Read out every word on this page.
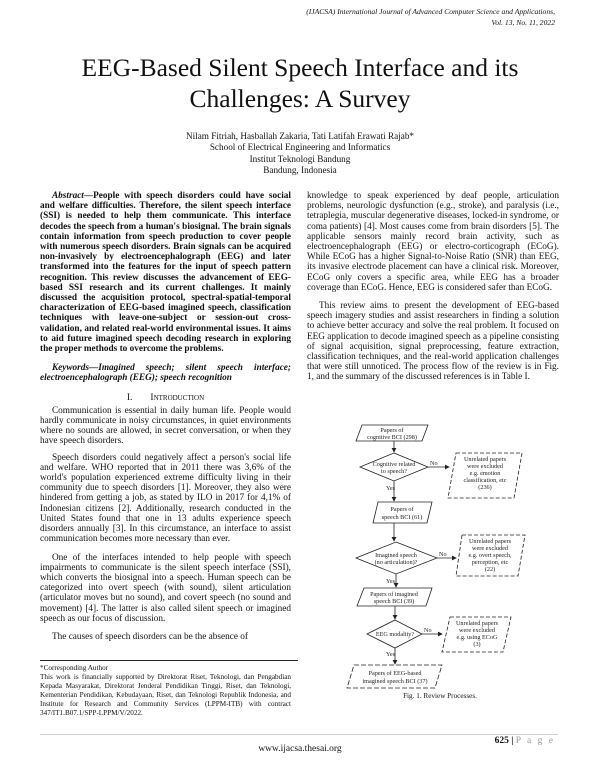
(IJACSA) International Journal of Advanced Computer Science and Applications,
Vol. 13, No. 11, 2022
EEG-Based Silent Speech Interface and its
Challenges: A Survey
Nilam Fitriah, Hasballah Zakaria, Tati Latifah Erawati Rajab*
School of Electrical Engineering and Informatics
Institut Teknologi Bandung
Bandung, Indonesia

Abstract—People with speech disorders could have social and welfare difficulties. Therefore, the silent speech interface (SSI) is needed to help them communicate. This interface decodes the speech from a human's biosignal. The brain signals contain information from speech production to cover people with numerous speech disorders. Brain signals can be acquired non-invasively by electroencephalograph (EEG) and later transformed into the features for the input of speech pattern recognition. This review discusses the advancement of EEG-based SSI research and its current challenges. It mainly discussed the acquisition protocol, spectral-spatial-temporal characterization of EEG-based imagined speech, classification techniques with leave-one-subject or session-out cross-validation, and related real-world environmental issues. It aims to aid future imagined speech decoding research in exploring the proper methods to overcome the problems.

Keywords—Imagined speech; silent speech interface; electroencephalograph (EEG); speech recognition

I. Introduction

Communication is essential in daily human life. People would hardly communicate in noisy circumstances, in quiet environments where no sounds are allowed, in secret conversation, or when they have speech disorders.

Speech disorders could negatively affect a person's social life and welfare. WHO reported that in 2011 there was 3,6% of the world's population experienced extreme difficulty living in their community due to speech disorders [1]. Moreover, they also were hindered from getting a job, as stated by ILO in 2017 for 4,1% of Indonesian citizens [2]. Additionally, research conducted in the United States found that one in 13 adults experience speech disorders annually [3]. In this circumstance, an interface to assist communication becomes more necessary than ever.

One of the interfaces intended to help people with speech impairments to communicate is the silent speech interface (SSI), which converts the biosignal into a speech. Human speech can be categorized into overt speech (with sound), silent articulation (articulator moves but no sound), and covert speech (no sound and movement) [4]. The latter is also called silent speech or imagined speech as our focus of discussion.

The causes of speech disorders can be the absence of

*Corresponding Author
This work is financially supported by Direktorat Riset, Teknologi, dan Pengabdian Kepada Masyarakat, Direktorat Jenderal Pendidikan Tinggi, Riset, dan Teknologi, Kementerian Pendidikan, Kebudayaan, Riset, dan Teknologi Republik Indonesia, and Institute for Research and Community Services (LPPM-ITB) with contract 347/IT1.B07.1/SPP-LPPM/V/2022.

knowledge to speak experienced by deaf people, articulation problems, neurologic dysfunction (e.g., stroke), and paralysis (i.e., tetraplegia, muscular degenerative diseases, locked-in syndrome, or coma patients) [4]. Most causes come from brain disorders [5]. The applicable sensors mainly record brain activity, such as electroencephalograph (EEG) or electro-corticograph (ECoG). While ECoG has a higher Signal-to-Noise Ratio (SNR) than EEG, its invasive electrode placement can have a clinical risk. Moreover, ECoG only covers a specific area, while EEG has a broader coverage than ECoG. Hence, EEG is considered safer than ECoG.

This review aims to present the development of EEG-based speech imagery studies and assist researchers in finding a solution to achieve better accuracy and solve the real problem. It focused on EEG application to decode imagined speech as a pipeline consisting of signal acquisition, signal preprocessing, feature extraction, classification techniques, and the real-world application challenges that were still unnoticed. The process flow of the review is in Fig. 1, and the summary of the discussed references is in Table I.

Papers of
cognitive BCI (298)
Cognitive related
to speech?
Unrelated papers
were excluded
e.g. emotion
classification, etc
(236)
Papers of
speech BCI (61)
Imagined speech
(no articulation)?
Unrelated papers
were excluded
e.g. overt speech,
perception, etc
(22)
Papers of imagined
speech BCI (39)
EEG modality?
Unrelated papers
were excluded
e.g. using ECoG
(3)
Papers of EEG-based
imagined speech BCI (37)
No
Yes
No
Yes
No
Yes
Fig. 1. Review Processes.
www.ijacsa.thesai.org
625 | P a g e
